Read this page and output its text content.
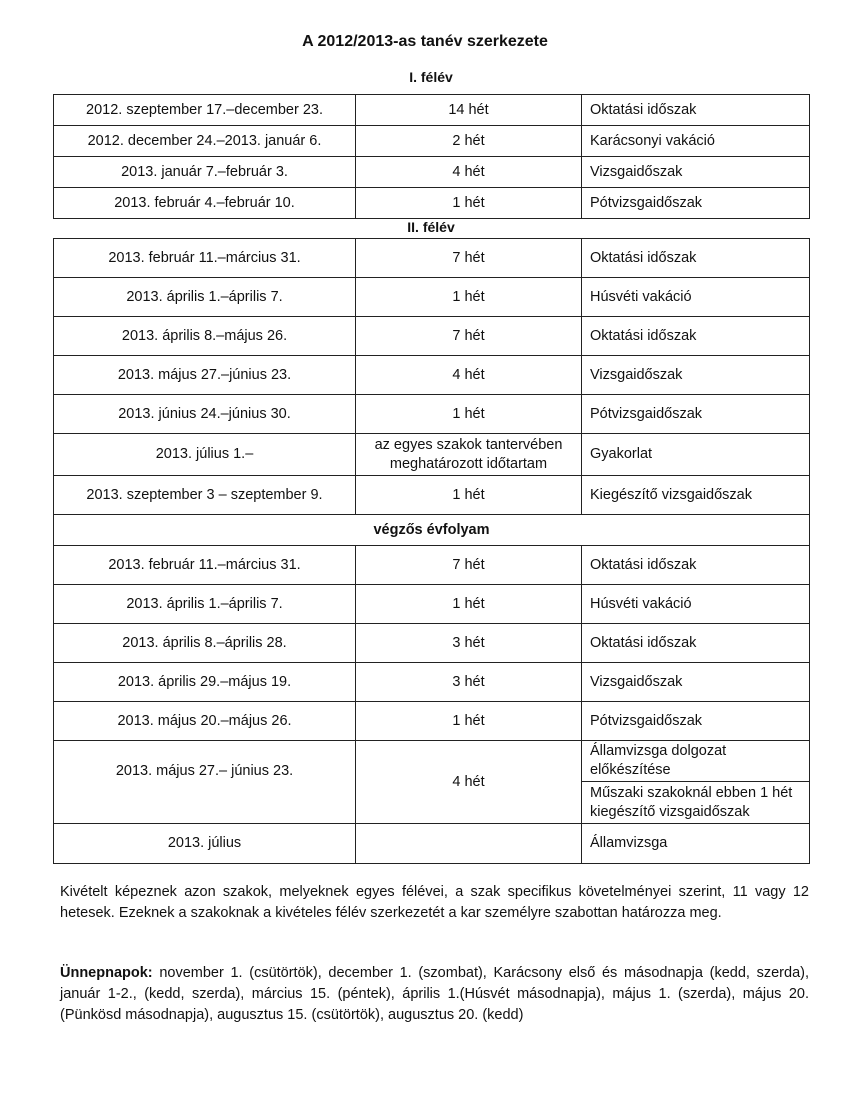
A 2012/2013-as tanév szerkezete
I. félév
2012. szeptember 17.–december 23.	14 hét	Oktatási időszak
2012. december 24.–2013. január 6.	2 hét	Karácsonyi vakáció
2013. január 7.–február 3.	4 hét	Vizsgaidőszak
2013. február 4.–február 10.	1 hét	Pótvizsgaidőszak
II. félév
2013. február 11.–március 31.	7 hét	Oktatási időszak
2013. április 1.–április 7.	1 hét	Húsvéti vakáció
2013. április 8.–május 26.	7 hét	Oktatási időszak
2013. május 27.–június 23.	4 hét	Vizsgaidőszak
2013. június 24.–június 30.	1 hét	Pótvizsgaidőszak
2013. július 1.–	az egyes szakok tantervében meghatározott időtartam	Gyakorlat
2013. szeptember 3 – szeptember 9.	1 hét	Kiegészítő vizsgaidőszak
végzős évfolyam		
2013. február 11.–március 31.	7 hét	Oktatási időszak
2013. április 1.–április 7.	1 hét	Húsvéti vakáció
2013. április 8.–április 28.	3 hét	Oktatási időszak
2013. április 29.–május 19.	3 hét	Vizsgaidőszak
2013. május 20.–május 26.	1 hét	Pótvizsgaidőszak
2013. május 27.– június 23.	4 hét	Államvizsga dolgozat előkészítése
		Műszaki szakoknál ebben 1 hét kiegészítő vizsgaidőszak
2013. július		Államvizsga

Kivételt képeznek azon szakok, melyeknek egyes félévei, a szak specifikus követelményei szerint, 11 vagy 12 hetesek. Ezeknek a szakoknak a kivételes félév szerkezetét a kar személyre szabottan határozza meg.

Ünnepnapok: november 1. (csütörtök), december 1. (szombat), Karácsony első és másodnapja (kedd, szerda), január 1-2., (kedd, szerda), március 15. (péntek), április 1.(Húsvét másodnapja), május 1. (szerda), május 20. (Pünkösd másodnapja), augusztus 15. (csütörtök), augusztus 20. (kedd)
